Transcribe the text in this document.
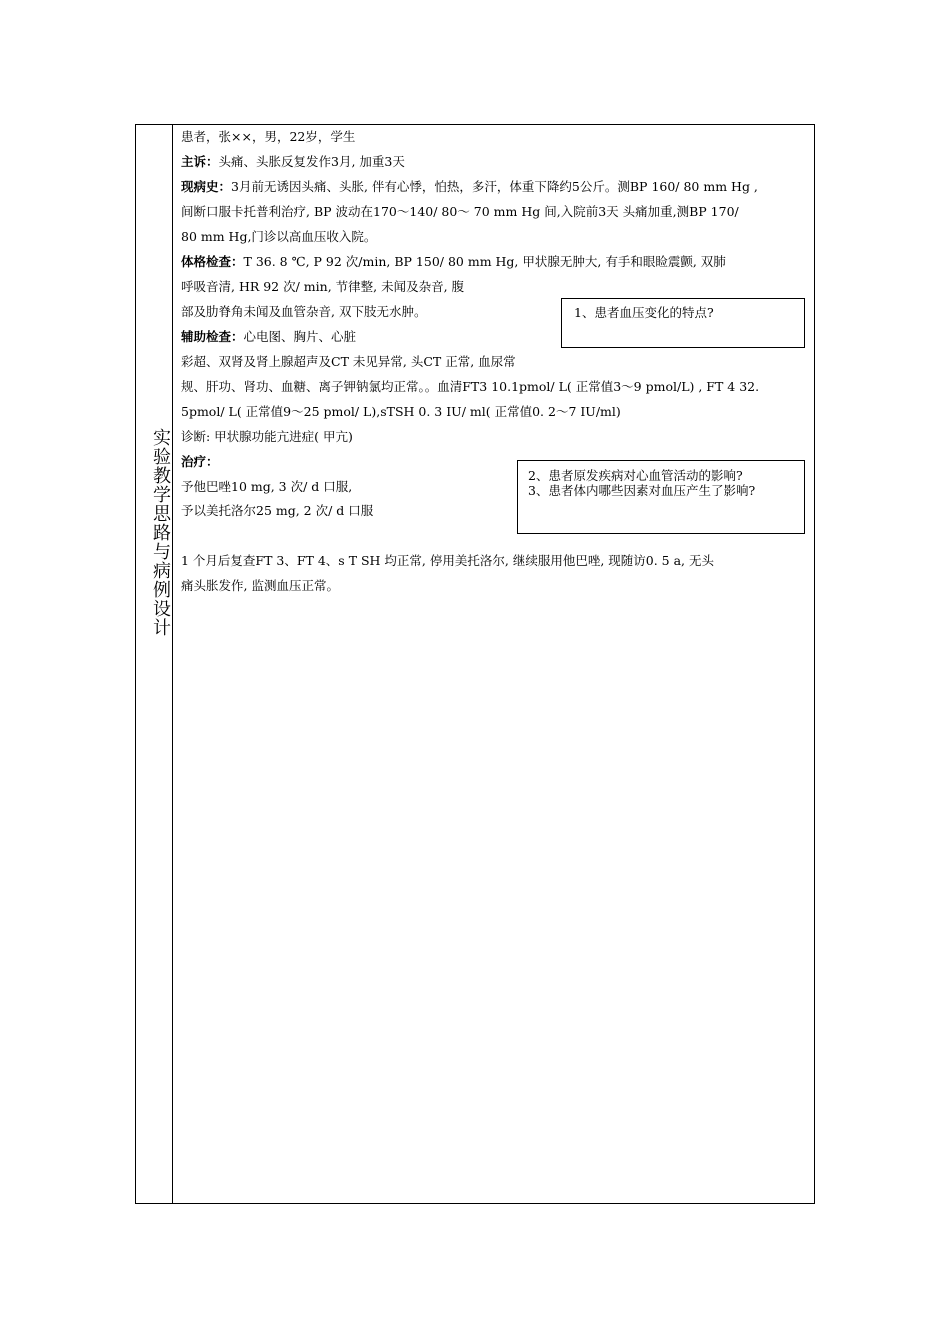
实验教学思路与病例设计
患者，张××，男，22岁，学生
主诉：头痛、头胀反复发作3月, 加重3天
现病史：3月前无诱因头痛、头胀, 伴有心悸，怕热，多汗，体重下降约5公斤。测BP 160/ 80 mm Hg ,
间断口服卡托普利治疗, BP 波动在170～140/ 80～ 70 mm Hg 间,入院前3天 头痛加重,测BP 170/
80 mm Hg,门诊以高血压收入院。
体格检查：T 36. 8 ℃, P 92 次/min, BP 150/ 80 mm Hg, 甲状腺无肿大, 有手和眼睑震颤, 双肺
呼吸音清, HR 92 次/ min, 节律整, 未闻及杂音, 腹
部及肋脊角未闻及血管杂音, 双下肢无水肿。
辅助检查：心电图、胸片、心脏
彩超、双肾及肾上腺超声及CT 未见异常, 头CT 正常, 血尿常
规、肝功、肾功、血糖、离子钾钠氯均正常。。血清FT3 10.1pmol/ L( 正常值3～9 pmol/L) , FT 4 32.
5pmol/ L( 正常值9～25 pmol/ L),sTSH 0. 3 IU/ ml( 正常值0. 2～7 IU/ml)
诊断: 甲状腺功能亢进症( 甲亢)
治疗：
予他巴唑10 mg, 3 次/ d 口服,
予以美托洛尔25 mg, 2 次/ d 口服
1 个月后复查FT 3、FT 4、s T SH 均正常, 停用美托洛尔, 继续服用他巴唑, 现随访0. 5 a, 无头
痛头胀发作, 监测血压正常。
1、患者血压变化的特点?
2、患者原发疾病对心血管活动的影响?
3、患者体内哪些因素对血压产生了影响?
